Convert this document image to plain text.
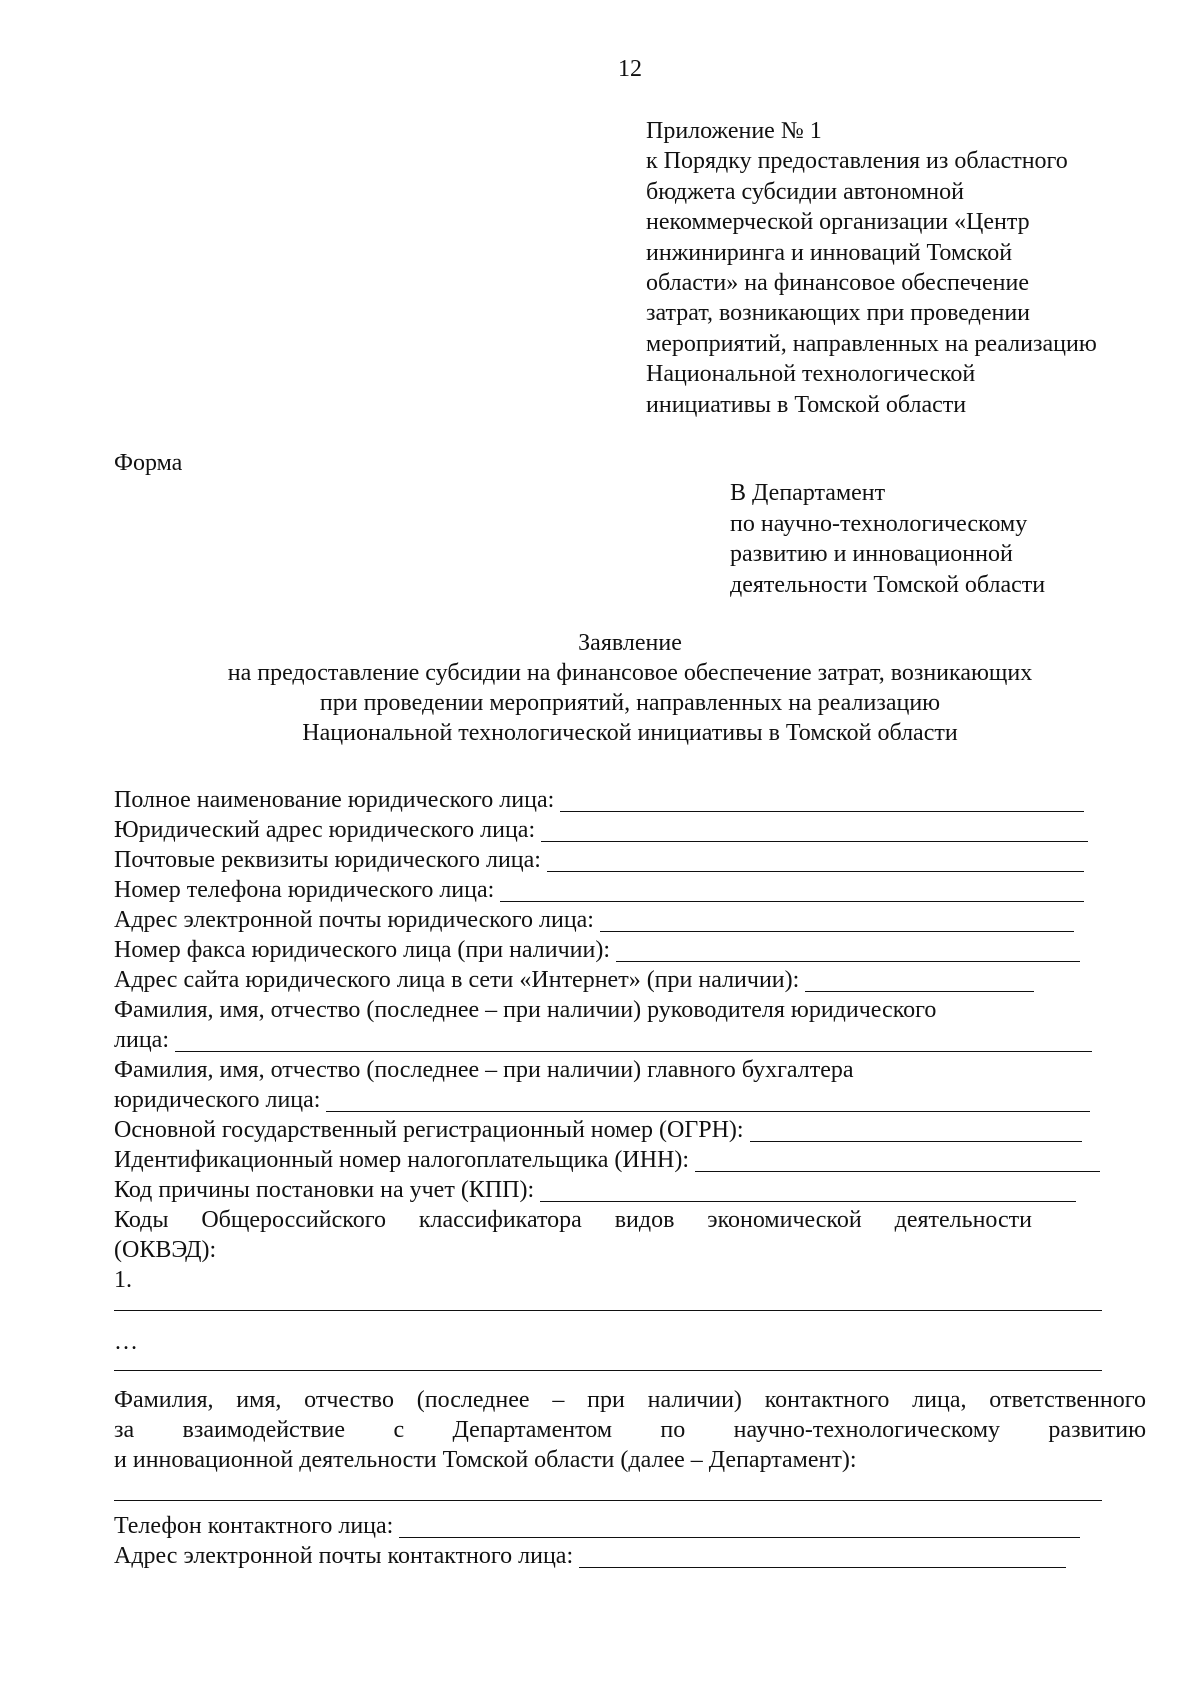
12
Приложение № 1
к Порядку предоставления из областного
бюджета субсидии автономной
некоммерческой организации «Центр
инжиниринга и инноваций Томской
области» на финансовое обеспечение
затрат, возникающих при проведении
мероприятий, направленных на реализацию
Национальной технологической
инициативы в Томской области
Форма
В Департамент
по научно-технологическому
развитию и инновационной
деятельности Томской области
Заявление
на предоставление субсидии на финансовое обеспечение затрат, возникающих
при проведении мероприятий, направленных на реализацию
Национальной технологической инициативы в Томской области
Полное наименование юридического лица:
Юридический адрес юридического лица:
Почтовые реквизиты юридического лица:
Номер телефона юридического лица:
Адрес электронной почты юридического лица:
Номер факса юридического лица (при наличии):
Адрес сайта юридического лица в сети «Интернет» (при наличии):
Фамилия, имя, отчество (последнее – при наличии) руководителя юридического
лица:
Фамилия, имя, отчество (последнее – при наличии) главного бухгалтера
юридического лица:
Основной государственный регистрационный номер (ОГРН):
Идентификационный номер налогоплательщика (ИНН):
Код причины постановки на учет (КПП):
Коды Общероссийского классификатора видов экономической деятельности
(ОКВЭД):
1.
…
Фамилия, имя, отчество (последнее – при наличии) контактного лица, ответственного
за взаимодействие с Департаментом по научно-технологическому развитию
и инновационной деятельности Томской области (далее – Департамент):
Телефон контактного лица:
Адрес электронной почты контактного лица:
